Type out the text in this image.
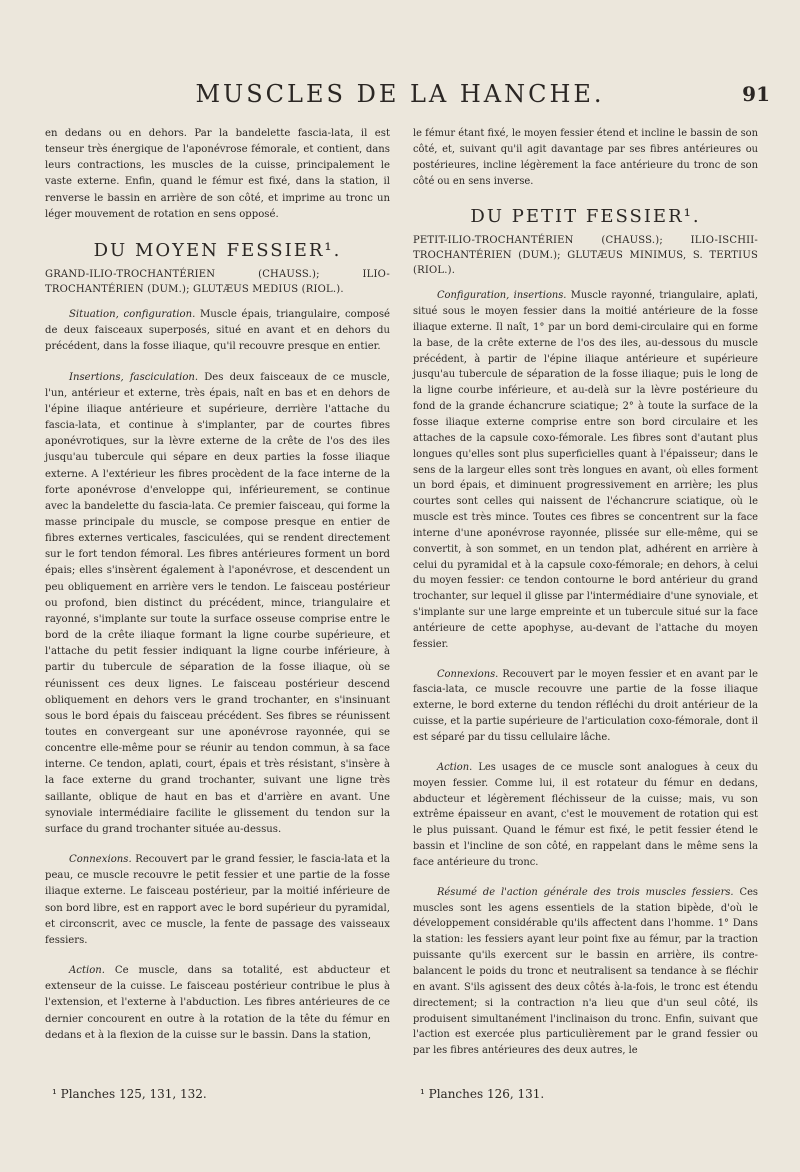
MUSCLES DE LA HANCHE.	91

en dedans ou en dehors. Par la bandelette fascia-lata, il est tenseur très énergique de l'aponévrose fémorale, et contient, dans leurs contractions, les muscles de la cuisse, principalement le vaste externe. Enfin, quand le fémur est fixé, dans la station, il renverse le bassin en arrière de son côté, et imprime au tronc un léger mouvement de rotation en sens opposé.

DU MOYEN FESSIER¹.

GRAND-ILIO-TROCHANTÉRIEN (CHAUSS.); ILIO-TROCHANTÉRIEN (DUM.); GLUTÆUS MEDIUS (RIOL.).

Situation, configuration. Muscle épais, triangulaire, composé de deux faisceaux superposés, situé en avant et en dehors du précédent, dans la fosse iliaque, qu'il recouvre presque en entier.

Insertions, fasciculation. Des deux faisceaux de ce muscle, l'un, antérieur et externe, très épais, naît en bas et en dehors de l'épine iliaque antérieure et supérieure, derrière l'attache du fascia-lata, et continue à s'implanter, par de courtes fibres aponévrotiques, sur la lèvre externe de la crête de l'os des iles jusqu'au tubercule qui sépare en deux parties la fosse iliaque externe. A l'extérieur les fibres procèdent de la face interne de la forte aponévrose d'enveloppe qui, inférieurement, se continue avec la bandelette du fascia-lata. Ce premier faisceau, qui forme la masse principale du muscle, se compose presque en entier de fibres externes verticales, fasciculées, qui se rendent directement sur le fort tendon fémoral. Les fibres antérieures forment un bord épais; elles s'insèrent également à l'aponévrose, et descendent un peu obliquement en arrière vers le tendon. Le faisceau postérieur ou profond, bien distinct du précédent, mince, triangulaire et rayonné, s'implante sur toute la surface osseuse comprise entre le bord de la crête iliaque formant la ligne courbe supérieure, et l'attache du petit fessier indiquant la ligne courbe inférieure, à partir du tubercule de séparation de la fosse iliaque, où se réunissent ces deux lignes. Le faisceau postérieur descend obliquement en dehors vers le grand trochanter, en s'insinuant sous le bord épais du faisceau précédent. Ses fibres se réunissent toutes en convergeant sur une aponévrose rayonnée, qui se concentre elle-même pour se réunir au tendon commun, à sa face interne. Ce tendon, aplati, court, épais et très résistant, s'insère à la face externe du grand trochanter, suivant une ligne très saillante, oblique de haut en bas et d'arrière en avant. Une synoviale intermédiaire facilite le glissement du tendon sur la surface du grand trochanter située au-dessus.

Connexions. Recouvert par le grand fessier, le fascia-lata et la peau, ce muscle recouvre le petit fessier et une partie de la fosse iliaque externe. Le faisceau postérieur, par la moitié inférieure de son bord libre, est en rapport avec le bord supérieur du pyramidal, et circonscrit, avec ce muscle, la fente de passage des vaisseaux fessiers.

Action. Ce muscle, dans sa totalité, est abducteur et extenseur de la cuisse. Le faisceau postérieur contribue le plus à l'extension, et l'externe à l'abduction. Les fibres antérieures de ce dernier concourent en outre à la rotation de la tête du fémur en dedans et à la flexion de la cuisse sur le bassin. Dans la station,

le fémur étant fixé, le moyen fessier étend et incline le bassin de son côté, et, suivant qu'il agit davantage par ses fibres antérieures ou postérieures, incline légèrement la face antérieure du tronc de son côté ou en sens inverse.

DU PETIT FESSIER¹.

PETIT-ILIO-TROCHANTÉRIEN (CHAUSS.); ILIO-ISCHII-TROCHANTÉRIEN (DUM.); GLUTÆUS MINIMUS, S. TERTIUS (RIOL.).

Configuration, insertions. Muscle rayonné, triangulaire, aplati, situé sous le moyen fessier dans la moitié antérieure de la fosse iliaque externe. Il naît, 1° par un bord demi-circulaire qui en forme la base, de la crête externe de l'os des iles, au-dessous du muscle précédent, à partir de l'épine iliaque antérieure et supérieure jusqu'au tubercule de séparation de la fosse iliaque; puis le long de la ligne courbe inférieure, et au-delà sur la lèvre postérieure du fond de la grande échancrure sciatique; 2° à toute la surface de la fosse iliaque externe comprise entre son bord circulaire et les attaches de la capsule coxo-fémorale. Les fibres sont d'autant plus longues qu'elles sont plus superficielles quant à l'épaisseur; dans le sens de la largeur elles sont très longues en avant, où elles forment un bord épais, et diminuent progressivement en arrière; les plus courtes sont celles qui naissent de l'échancrure sciatique, où le muscle est très mince. Toutes ces fibres se concentrent sur la face interne d'une aponévrose rayonnée, plissée sur elle-même, qui se convertit, à son sommet, en un tendon plat, adhérent en arrière à celui du pyramidal et à la capsule coxo-fémorale; en dehors, à celui du moyen fessier: ce tendon contourne le bord antérieur du grand trochanter, sur lequel il glisse par l'intermédiaire d'une synoviale, et s'implante sur une large empreinte et un tubercule situé sur la face antérieure de cette apophyse, au-devant de l'attache du moyen fessier.

Connexions. Recouvert par le moyen fessier et en avant par le fascia-lata, ce muscle recouvre une partie de la fosse iliaque externe, le bord externe du tendon réfléchi du droit antérieur de la cuisse, et la partie supérieure de l'articulation coxo-fémorale, dont il est séparé par du tissu cellulaire lâche.

Action. Les usages de ce muscle sont analogues à ceux du moyen fessier. Comme lui, il est rotateur du fémur en dedans, abducteur et légèrement fléchisseur de la cuisse; mais, vu son extrême épaisseur en avant, c'est le mouvement de rotation qui est le plus puissant. Quand le fémur est fixé, le petit fessier étend le bassin et l'incline de son côté, en rappelant dans le même sens la face antérieure du tronc.

Résumé de l'action générale des trois muscles fessiers. Ces muscles sont les agens essentiels de la station bipède, d'où le développement considérable qu'ils affectent dans l'homme. 1° Dans la station: les fessiers ayant leur point fixe au fémur, par la traction puissante qu'ils exercent sur le bassin en arrière, ils contre-balancent le poids du tronc et neutralisent sa tendance à se fléchir en avant. S'ils agissent des deux côtés à-la-fois, le tronc est étendu directement; si la contraction n'a lieu que d'un seul côté, ils produisent simultanément l'inclinaison du tronc. Enfin, suivant que l'action est exercée plus particulièrement par le grand fessier ou par les fibres antérieures des deux autres, le

¹ Planches 125, 131, 132.	¹ Planches 126, 131.
